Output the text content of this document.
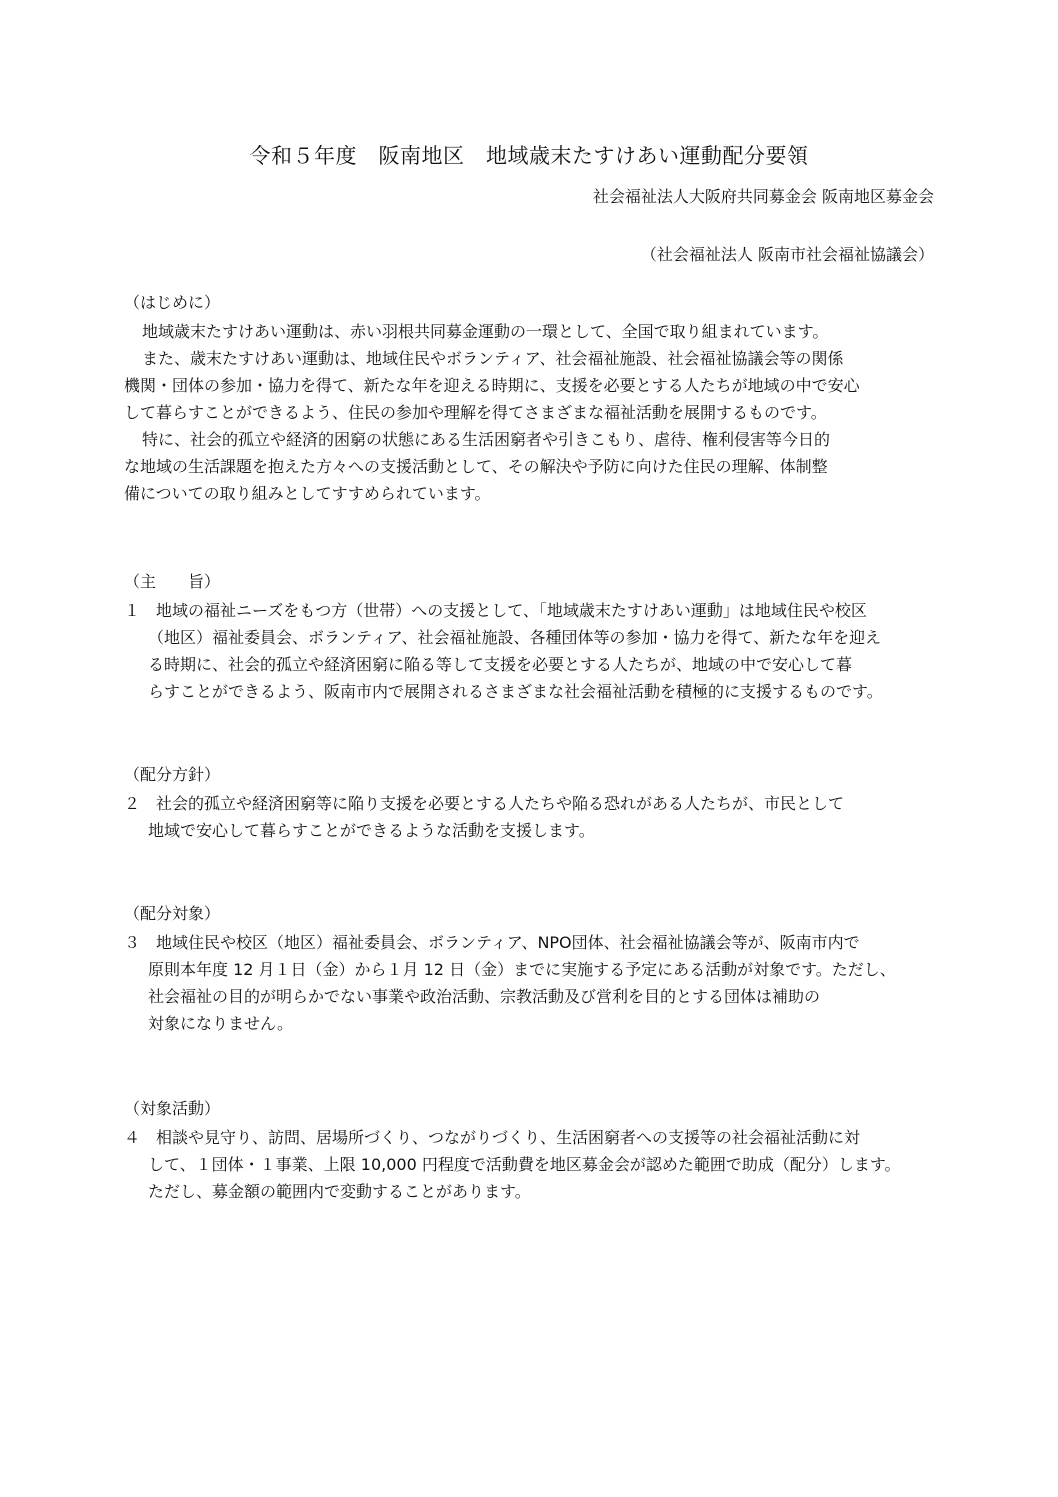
令和５年度　阪南地区　地域歳末たすけあい運動配分要領
社会福祉法人大阪府共同募金会 阪南地区募金会
（社会福祉法人 阪南市社会福祉協議会）
（はじめに）
地域歳末たすけあい運動は、赤い羽根共同募金運動の一環として、全国で取り組まれています。
また、歳末たすけあい運動は、地域住民やボランティア、社会福祉施設、社会福祉協議会等の関係
機関・団体の参加・協力を得て、新たな年を迎える時期に、支援を必要とする人たちが地域の中で安心
して暮らすことができるよう、住民の参加や理解を得てさまざまな福祉活動を展開するものです。
特に、社会的孤立や経済的困窮の状態にある生活困窮者や引きこもり、虐待、権利侵害等今日的
な地域の生活課題を抱えた方々への支援活動として、その解決や予防に向けた住民の理解、体制整
備についての取り組みとしてすすめられています。
（主　　旨）
１　地域の福祉ニーズをもつ方（世帯）への支援として、「地域歳末たすけあい運動」は地域住民や校区
（地区）福祉委員会、ボランティア、社会福祉施設、各種団体等の参加・協力を得て、新たな年を迎え
る時期に、社会的孤立や経済困窮に陥る等して支援を必要とする人たちが、地域の中で安心して暮
らすことができるよう、阪南市内で展開されるさまざまな社会福祉活動を積極的に支援するものです。
（配分方針）
２　社会的孤立や経済困窮等に陥り支援を必要とする人たちや陥る恐れがある人たちが、市民として
地域で安心して暮らすことができるような活動を支援します。
（配分対象）
３　地域住民や校区（地区）福祉委員会、ボランティア、NPO団体、社会福祉協議会等が、阪南市内で
原則本年度 12 月１日（金）から１月 12 日（金）までに実施する予定にある活動が対象です。ただし、
社会福祉の目的が明らかでない事業や政治活動、宗教活動及び営利を目的とする団体は補助の
対象になりません。
（対象活動）
４　相談や見守り、訪問、居場所づくり、つながりづくり、生活困窮者への支援等の社会福祉活動に対
して、１団体・１事業、上限 10,000 円程度で活動費を地区募金会が認めた範囲で助成（配分）します。
ただし、募金額の範囲内で変動することがあります。
